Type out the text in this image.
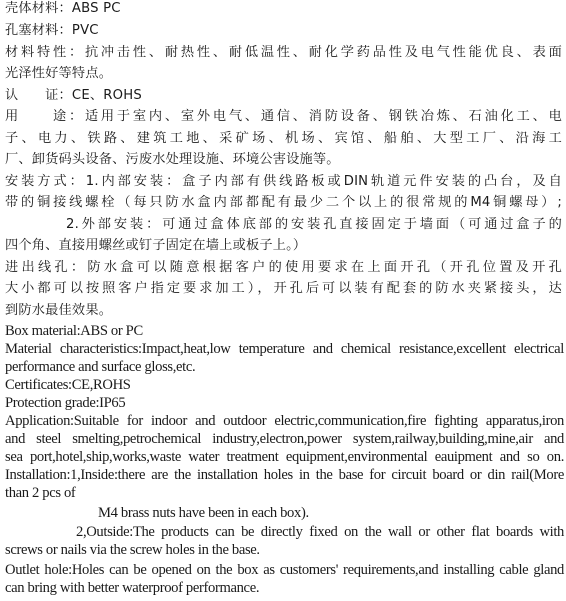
壳体材料：ABS PC
孔塞材料：PVC
材料特性：抗冲击性、耐热性、耐低温性、耐化学药品性及电气性能优良、表面
光泽性好等特点。
认　　证：CE、ROHS
用　　途：适用于室内、室外电气、通信、消防设备、钢铁冶炼、石油化工、电
子、电力、铁路、建筑工地、采矿场、机场、宾馆、船舶、大型工厂、沿海工
厂、卸货码头设备、污废水处理设施、环境公害设施等。
安装方式：1.内部安装：盒子内部有供线路板或DIN轨道元件安装的凸台，及自
带的铜接线螺栓（每只防水盒内部都配有最少二个以上的很常规的M4铜螺母）;
2.外部安装：可通过盒体底部的安装孔直接固定于墙面（可通过盒子的
四个角、直接用螺丝或钉子固定在墙上或板子上。）
进出线孔：防水盒可以随意根据客户的使用要求在上面开孔（开孔位置及开孔
大小都可以按照客户指定要求加工），开孔后可以装有配套的防水夹紧接头，达
到防水最佳效果。
Box material:ABS or PC
Material characteristics:Impact,heat,low temperature and chemical resistance,excellent electrical
performance and surface gloss,etc.
Certificates:CE,ROHS
Protection grade:IP65
Application:Suitable for indoor and outdoor electric,communication,fire fighting apparatus,iron
and steel smelting,petrochemical industry,electron,power system,railway,building,mine,air and
sea port,hotel,ship,works,waste water treatment equipment,environmental eauipment and so on.
Installation:1,Inside:there are the installation holes in the base for circuit board or din rail(More
than 2 pcs of
M4 brass nuts have been in each box).
2,Outside:The products can be directly fixed on the wall or other flat boards with
screws or nails via the screw holes in the base.
Outlet hole:Holes can be opened on the box as customers' requirements,and installing cable gland
can bring with better waterproof performance.
